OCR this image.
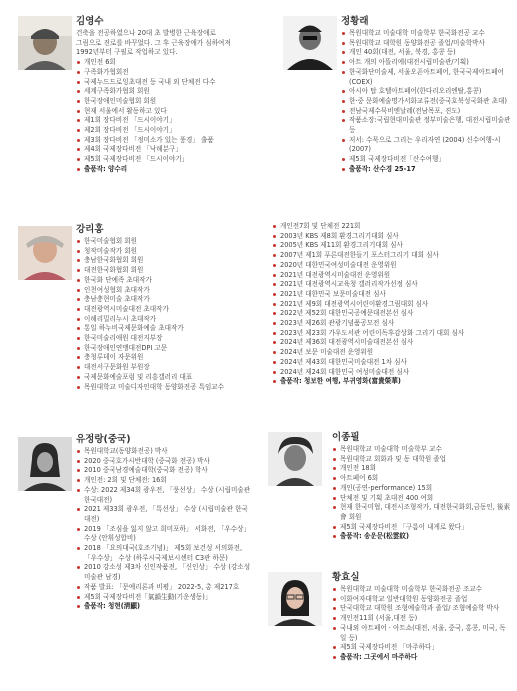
김영수
건축을 전공하였으나 20대 초 발병한 근육장애로
그림으로 진로를 바꾸었다. 그 후 근육장애가 심하여져
1992년부터 구필로 작업하고 있다.
개인전 6회
구족화가협회전
국제누드드로잉초대전 등 국내 외 단체전 다수
세계구족화가협회 회원
한국장애인미술협회 회원
현재 서울에서 활동하고 있다
제1회 장다비전 「드시이야기」
제2회 장다비전 「드시이야기」
제3회 장다비전 「정미소가 있는 풍경」 출품
제4회 국제장다비전 「낙해분구」
제5회 국제장다비전 「드시이야기」
출품작: 양수리
정황래
목원대학교 미술대학 미술학부 한국화전공 교수
목원대학교 대학원 동양화전공 졸업/미술학박사
개인 40회(대전, 서울, 북경, 홍콩 등)
아트 개의 아뜰리에(대전시립미술관/기획)
한국화단미술제, 서울오픈아트페어, 한국국제아트페어(COEX)
아시아 탑 호텔아트페어(한다리오리엔탈,홍콩)
한·중 문화예술명가서화교류전(중국호북성국화관 초대)
전남국제수묵비엔날레(전남목포, 진도)
작품소장:국립현대미술관 정부미술은행, 대전시립미술관 등
저서: 수묵으로 그리는 우리자연 (2004) 신수여행-시(2007)
제5회 국제장다비전「산수여행」
출품작: 산수경 25-17
강리홍
한국미술협회 회원
청작미술작가 회원
충남한국화협회 회원
대전한국화협회 회원
한국화 단예족 초대작가
인천여성협회 초대작가
충남충현미술 초대작가
대전광역시미술대전 초대작가
이해리밀리누시 초대작가
통일 하누비국제문화예술 초대작가
한국미술리애원 대전지부장
한국장애인연맹대전DPI 고문
충청루데이 자문위원
대전서구문화원 부원장
국제문화예술포럼 및 리흥갤러리 대표
목원대학교 미술디자인대학 동양화전공 특임교수
개인전7회 및 단체전 221회
2003년 KBS 제8회 환경그리기대회 심사
2005년 KBS 제11회 환경그리기대회 심사
2007년 제1회 푸른대전한들기 포스터그리기 대회 심사
2020년 대한민국여성미술대전 운영위원
2021년 대전광역시미술대전 운영위원
2021년 대전광역시교육청 갤러리작가선정 심사
2021년 대한민국 보문미술대전 심사
2021년 제9회 대전광역시어린이환경그림대회 심사
2022년 제52회 대한민국공예문대전본선 심사
2023년 제26회 관광기념품공모전 심사
2023년 제23회 가우도서관 어린이독후감상화 그리기 대회 심사
2024년 제36회 대전광역시미술대전본선 심사
2024년 보문 미술대전 운영위원
2024년 제43회 대한민국미술대전 1차 심사
2024년 제24회 대한민국 여성미술대전 심사
출품작: 청보한 여행, 부귀영화(富貴榮華)
유정랑(중국)
목원대학교(동양화전공) 박사
2020 중국호가시반대학 (중국화 전공) 박사
2010 중국남경예술대학(중국화 전공) 학사
개인전: 2회 및 단체전: 16회
수상: 2022 제34회 광우전, 「풍선상」 수상 (시립미술관 한국대전)
2021 제33회 광우전, 「특선상」 수상 (시립미술관 한국대전)
2019 「조심을 잃지 않고 희미포하」 서화전, 「우수상」 수상 (안휘성합비)
2018 「요의대국(호조기념)」 제5회 보건성 서의화전, 「우수상」 수상 (하루시국제보시센터 C3관 하문)
2010 강소성 제3차 신인작품전, 「신인상」 수상 (강소성미술관 남경)
작품 발표: 「문예리론과 비평」 2022-5, 총 제217호
제5회 국제장다비전「氣韻生動(기운생동)」
출품작: 청현(淸顯)
이종필
목원대학교 미술대학 미술학부 교수
목원대학교 회화과 및 동 대학원 졸업
개인전 18회
아트페어 6회
개인(공연-performance) 15회
단체전 및 기획 초대전 400 여회
현재 한국미협, 대전시조형작가, 대전한국화회,금동인, 後素會 회원
제5회 국제장다비전 「구름이 내게로 왔다」
출품작: 송운문(松雲紋)
황효실
목원대학교 미술대학 미술학부 한국화전공 조교수
이화여자대학교 일반대학원 동양화전공 졸업
단국대학교 대학원 조형예술학과 졸업/ 조형예술학 박사
개인전11회 (서울,대전 등)
국내외 아트페어 · 아트쇼(대전, 서울, 중국, 홍콩, 미국, 독일 등)
제5회 국제장다비전 「마주하다」
출품작: 그곳에서 마주하다
